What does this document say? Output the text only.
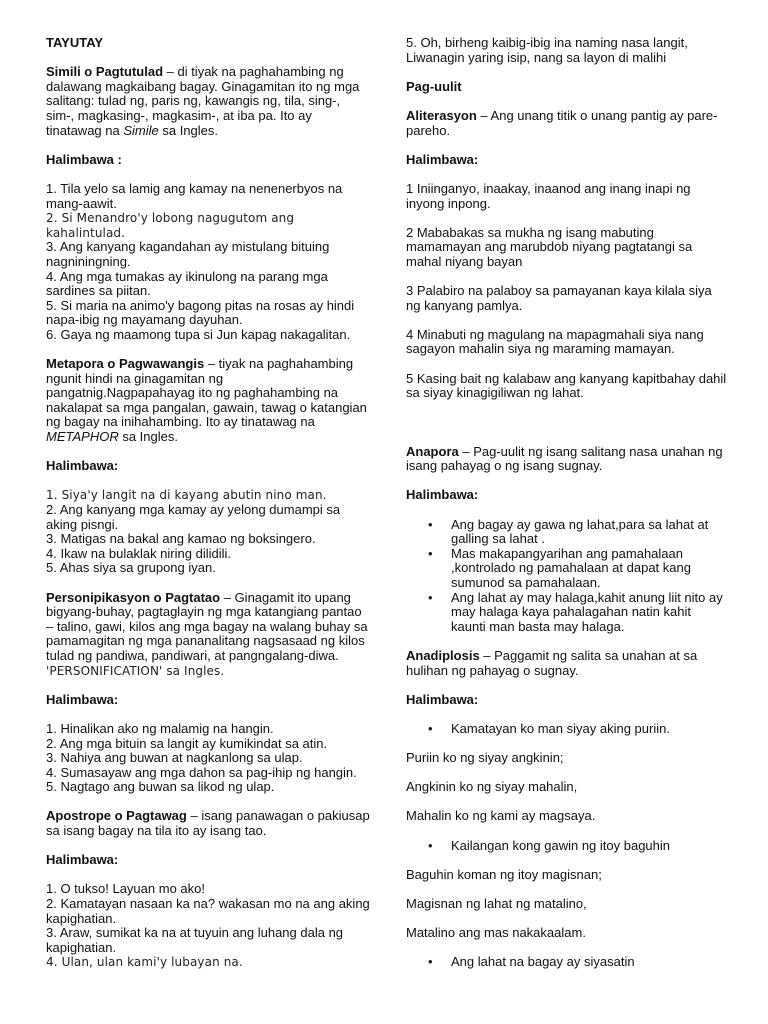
TAYUTAY

Simili o Pagtutulad – di tiyak na paghahambing ng dalawang magkaibang bagay. Ginagamitan ito ng mga salitang: tulad ng, paris ng, kawangis ng, tila, sing-, sim-, magkasing-, magkasim-, at iba pa. Ito ay tinatawag na Simile sa Ingles.

Halimbawa :

1. Tila yelo sa lamig ang kamay na nenenerbyos na mang-aawit.

2. Si Menandro'y lobong nagugutom ang kahalintulad.

3. Ang kanyang kagandahan ay mistulang bituing nagniningning.

4. Ang mga tumakas ay ikinulong na parang mga sardines sa piitan.

5. Si maria na animo'y bagong pitas na rosas ay hindi napa-ibig ng mayamang dayuhan.

6. Gaya ng maamong tupa si Jun kapag nakagalitan.

Metapora o Pagwawangis – tiyak na paghahambing ngunit hindi na ginagamitan ng pangatnig.Nagpapahayag ito ng paghahambing na nakalapat sa mga pangalan, gawain, tawag o katangian ng bagay na inihahambing. Ito ay tinatawag na METAPHOR sa Ingles.

Halimbawa:

1. Siya'y langit na di kayang abutin nino man.

2. Ang kanyang mga kamay ay yelong dumampi sa aking pisngi.

3. Matigas na bakal ang kamao ng boksingero.

4. Ikaw na bulaklak niring dilidili.

5. Ahas siya sa grupong iyan.

Personipikasyon o Pagtatao – Ginagamit ito upang bigyang-buhay, pagtaglayin ng mga katangiang pantao – talino, gawi, kilos ang mga bagay na walang buhay sa pamamagitan ng mga pananalitang nagsasaad ng kilos tulad ng pandiwa, pandiwari, at pangngalang-diwa.

'PERSONIFICATION' sa Ingles.

Halimbawa:

1. Hinalikan ako ng malamig na hangin.

2. Ang mga bituin sa langit ay kumikindat sa atin.

3. Nahiya ang buwan at nagkanlong sa ulap.

4. Sumasayaw ang mga dahon sa pag-ihip ng hangin.

5. Nagtago ang buwan sa likod ng ulap.

Apostrope o Pagtawag – isang panawagan o pakiusap sa isang bagay na tila ito ay isang tao.

Halimbawa:

1. O tukso! Layuan mo ako!

2. Kamatayan nasaan ka na? wakasan mo na ang aking kapighatian.

3. Araw, sumikat ka na at tuyuin ang luhang dala ng kapighatian.

4. Ulan, ulan kami'y lubayan na.

5. Oh, birheng kaibig-ibig ina naming nasa langit, Liwanagin yaring isip, nang sa layon di malihi

Pag-uulit

Aliterasyon – Ang unang titik o unang pantig ay pare-pareho.

Halimbawa:

1 Iniinganyo, inaakay, inaanod ang inang inapi ng inyong inpong.

2 Mababakas sa mukha ng isang mabuting mamamayan ang marubdob niyang pagtatangi sa mahal niyang bayan

3 Palabiro na palaboy sa pamayanan kaya kilala siya ng kanyang pamlya.

4 Minabuti ng magulang na mapagmahali siya nang sagayon mahalin siya ng maraming mamayan.

5 Kasing bait ng kalabaw ang kanyang kapitbahay dahil sa siyay kinagigiliwan ng lahat.

Anapora – Pag-uulit ng isang salitang nasa unahan ng isang pahayag o ng isang sugnay.

Halimbawa:

• Ang bagay ay gawa ng lahat,para sa lahat at galling sa lahat .
• Mas makapangyarihan ang pamahalaan ,kontrolado ng pamahalaan at dapat kang sumunod sa pamahalaan.
• Ang lahat ay may halaga,kahit anung liit nito ay may halaga kaya pahalagahan natin kahit kaunti man basta may halaga.

Anadiplosis – Paggamit ng salita sa unahan at sa hulihan ng pahayag o sugnay.

Halimbawa:

• Kamatayan ko man siyay aking puriin.

Puriin ko ng siyay angkinin;

Angkinin ko ng siyay mahalin,

Mahalin ko ng kami ay magsaya.

• Kailangan kong gawin ng itoy baguhin

Baguhin koman ng itoy magisnan;

Magisnan ng lahat ng matalino,

Matalino ang mas nakakaalam.

• Ang lahat na bagay ay siyasatin
